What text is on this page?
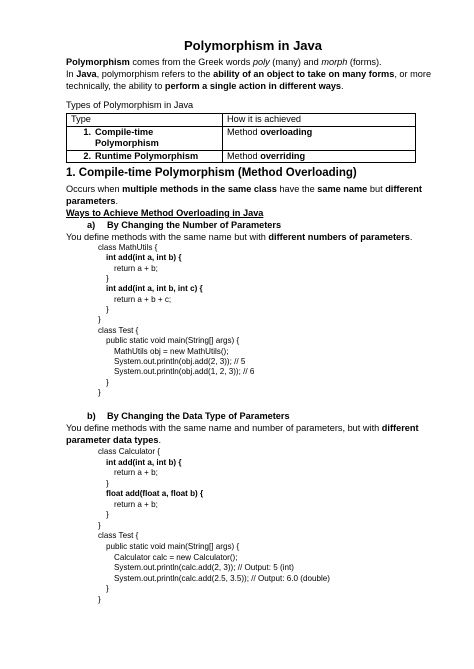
Polymorphism in Java
Polymorphism comes from the Greek words poly (many) and morph (forms).
In Java, polymorphism refers to the ability of an object to take on many forms, or more
technically, the ability to perform a single action in different ways.
Types of Polymorphism in Java
Type	How it is achieved
1. Compile-time
Polymorphism	Method overloading
2. Runtime Polymorphism	Method overriding
1. Compile-time Polymorphism (Method Overloading)
Occurs when multiple methods in the same class have the same name but different
parameters.
Ways to Achieve Method Overloading in Java
a) By Changing the Number of Parameters
You define methods with the same name but with different numbers of parameters.
class MathUtils {
int add(int a, int b) {
return a + b;
}
int add(int a, int b, int c) {
return a + b + c;
}
}
class Test {
public static void main(String[] args) {
MathUtils obj = new MathUtils();
System.out.println(obj.add(2, 3)); // 5
System.out.println(obj.add(1, 2, 3)); // 6
}
}
b) By Changing the Data Type of Parameters
You define methods with the same name and number of parameters, but with different
parameter data types.
class Calculator {
int add(int a, int b) {
return a + b;
}
float add(float a, float b) {
return a + b;
}
}
class Test {
public static void main(String[] args) {
Calculator calc = new Calculator();
System.out.println(calc.add(2, 3)); // Output: 5 (int)
System.out.println(calc.add(2.5, 3.5)); // Output: 6.0 (double)
}
}
